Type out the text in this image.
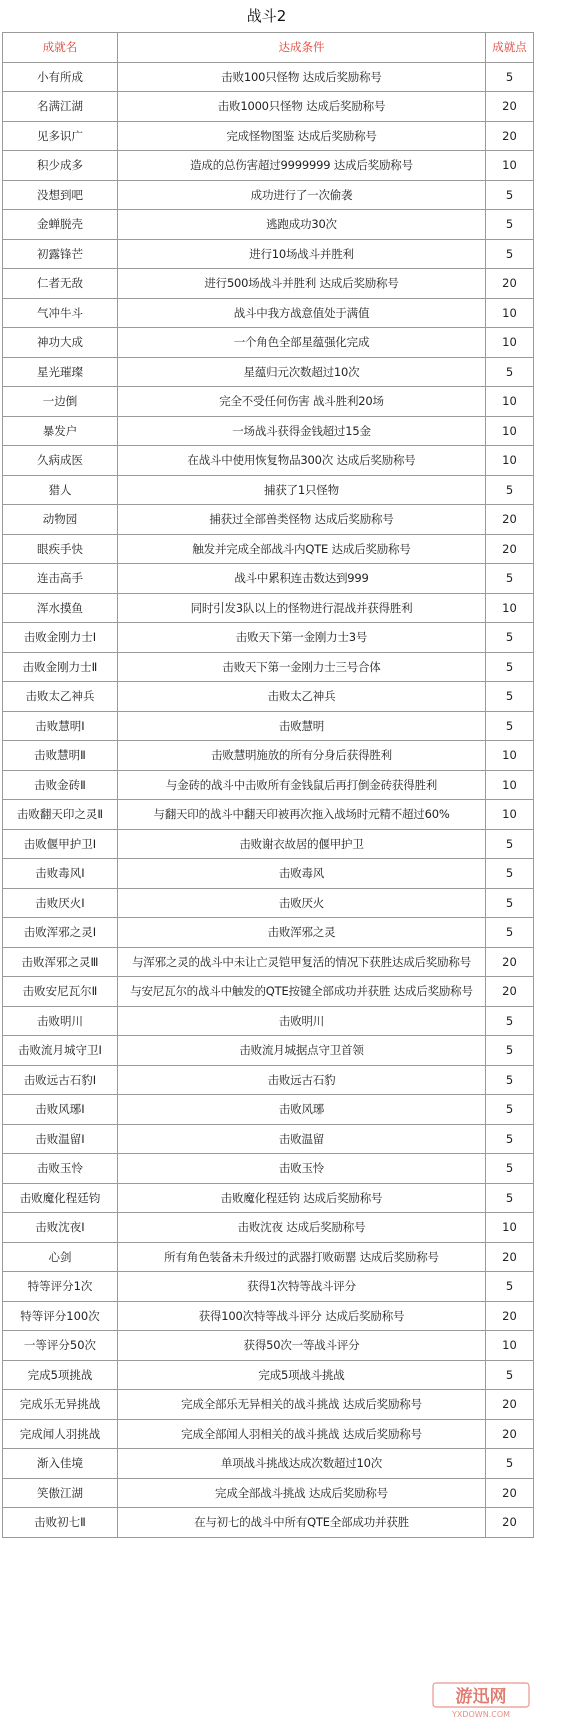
战斗2
成就名	达成条件	成就点
小有所成	击败100只怪物 达成后奖励称号	5
名满江湖	击败1000只怪物 达成后奖励称号	20
见多识广	完成怪物图鉴 达成后奖励称号	20
积少成多	造成的总伤害超过9999999 达成后奖励称号	10
没想到吧	成功进行了一次偷袭	5
金蝉脱壳	逃跑成功30次	5
初露锋芒	进行10场战斗并胜利	5
仁者无敌	进行500场战斗并胜利 达成后奖励称号	20
气冲牛斗	战斗中我方战意值处于满值	10
神功大成	一个角色全部星蕴强化完成	10
星光璀璨	星蕴归元次数超过10次	5
一边倒	完全不受任何伤害 战斗胜利20场	10
暴发户	一场战斗获得金钱超过15金	10
久病成医	在战斗中使用恢复物品300次 达成后奖励称号	10
猎人	捕获了1只怪物	5
动物园	捕获过全部兽类怪物 达成后奖励称号	20
眼疾手快	触发并完成全部战斗内QTE 达成后奖励称号	20
连击高手	战斗中累积连击数达到999	5
浑水摸鱼	同时引发3队以上的怪物进行混战并获得胜利	10
击败金刚力士Ⅰ	击败天下第一金刚力士3号	5
击败金刚力士Ⅱ	击败天下第一金刚力士三号合体	5
击败太乙神兵	击败太乙神兵	5
击败慧明Ⅰ	击败慧明	5
击败慧明Ⅱ	击败慧明施放的所有分身后获得胜利	10
击败金砖Ⅱ	与金砖的战斗中击败所有金钱鼠后再打倒金砖获得胜利	10
击败翻天印之灵Ⅱ	与翻天印的战斗中翻天印被再次拖入战场时元精不超过60%	10
击败偃甲护卫Ⅰ	击败谢衣故居的偃甲护卫	5
击败毒风Ⅰ	击败毒风	5
击败厌火Ⅰ	击败厌火	5
击败浑邪之灵Ⅰ	击败浑邪之灵	5
击败浑邪之灵Ⅲ	与浑邪之灵的战斗中未让亡灵铠甲复活的情况下获胜达成后奖励称号	20
击败安尼瓦尔Ⅱ	与安尼瓦尔的战斗中触发的QTE按键全部成功并获胜 达成后奖励称号	20
击败明川	击败明川	5
击败流月城守卫Ⅰ	击败流月城据点守卫首领	5
击败远古石豹Ⅰ	击败远古石豹	5
击败风琊Ⅰ	击败风琊	5
击败温留Ⅰ	击败温留	5
击败玉怜	击败玉怜	5
击败魔化程廷钧	击败魔化程廷钧 达成后奖励称号	5
击败沈夜Ⅰ	击败沈夜 达成后奖励称号	10
心剑	所有角色装备未升级过的武器打败砺罂 达成后奖励称号	20
特等评分1次	获得1次特等战斗评分	5
特等评分100次	获得100次特等战斗评分 达成后奖励称号	20
一等评分50次	获得50次一等战斗评分	10
完成5项挑战	完成5项战斗挑战	5
完成乐无异挑战	完成全部乐无异相关的战斗挑战 达成后奖励称号	20
完成闻人羽挑战	完成全部闻人羽相关的战斗挑战 达成后奖励称号	20
渐入佳境	单项战斗挑战达成次数超过10次	5
笑傲江湖	完成全部战斗挑战 达成后奖励称号	20
击败初七Ⅱ	在与初七的战斗中所有QTE全部成功并获胜	20
游迅网
YXDOWN.COM
